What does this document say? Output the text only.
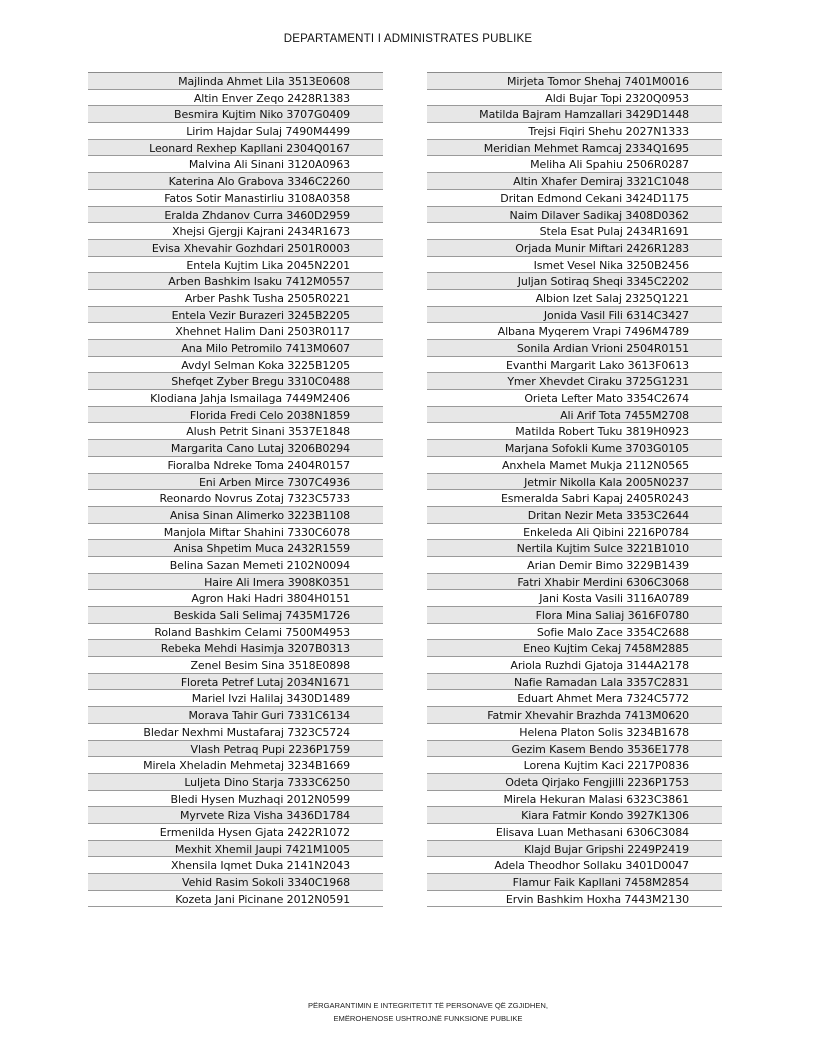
DEPARTAMENTI I ADMINISTRATES PUBLIKE
Majlinda Ahmet Lila 3513E0608
Altin Enver Zeqo 2428R1383
Besmira Kujtim Niko 3707G0409
Lirim Hajdar Sulaj 7490M4499
Leonard Rexhep Kapllani 2304Q0167
Malvina Ali Sinani 3120A0963
Katerina Alo Grabova 3346C2260
Fatos Sotir Manastirliu 3108A0358
Eralda Zhdanov Curra 3460D2959
Xhejsi Gjergji Kajrani 2434R1673
Evisa Xhevahir Gozhdari 2501R0003
Entela Kujtim Lika 2045N2201
Arben Bashkim Isaku 7412M0557
Arber Pashk Tusha 2505R0221
Entela Vezir Burazeri 3245B2205
Xhehnet Halim Dani 2503R0117
Ana Milo Petromilo 7413M0607
Avdyl Selman Koka 3225B1205
Shefqet Zyber Bregu 3310C0488
Klodiana Jahja Ismailaga 7449M2406
Florida Fredi Celo 2038N1859
Alush Petrit Sinani 3537E1848
Margarita Cano Lutaj 3206B0294
Fioralba Ndreke Toma 2404R0157
Eni Arben Mirce 7307C4936
Reonardo Novrus Zotaj 7323C5733
Anisa Sinan Alimerko 3223B1108
Manjola Miftar Shahini 7330C6078
Anisa Shpetim Muca 2432R1559
Belina Sazan Memeti 2102N0094
Haire Ali Imera 3908K0351
Agron Haki Hadri 3804H0151
Beskida Sali Selimaj 7435M1726
Roland Bashkim Celami 7500M4953
Rebeka Mehdi Hasimja 3207B0313
Zenel Besim Sina 3518E0898
Floreta Petref Lutaj 2034N1671
Mariel Ivzi Halilaj 3430D1489
Morava Tahir Guri 7331C6134
Bledar Nexhmi Mustafaraj 7323C5724
Vlash Petraq Pupi 2236P1759
Mirela Xheladin Mehmetaj 3234B1669
Luljeta Dino Starja 7333C6250
Bledi Hysen Muzhaqi 2012N0599
Myrvete Riza Visha 3436D1784
Ermenilda Hysen Gjata 2422R1072
Mexhit Xhemil Jaupi 7421M1005
Xhensila Iqmet Duka 2141N2043
Vehid Rasim Sokoli 3340C1968
Kozeta Jani Picinane 2012N0591
Mirjeta Tomor Shehaj 7401M0016
Aldi Bujar Topi 2320Q0953
Matilda Bajram Hamzallari 3429D1448
Trejsi Fiqiri Shehu 2027N1333
Meridian Mehmet Ramcaj 2334Q1695
Meliha Ali Spahiu 2506R0287
Altin Xhafer Demiraj 3321C1048
Dritan Edmond Cekani 3424D1175
Naim Dilaver Sadikaj 3408D0362
Stela Esat Pulaj 2434R1691
Orjada Munir Miftari 2426R1283
Ismet Vesel Nika 3250B2456
Juljan Sotiraq Sheqi 3345C2202
Albion Izet Salaj 2325Q1221
Jonida Vasil Fili 6314C3427
Albana Myqerem Vrapi 7496M4789
Sonila Ardian Vrioni 2504R0151
Evanthi Margarit Lako 3613F0613
Ymer Xhevdet Ciraku 3725G1231
Orieta Lefter Mato 3354C2674
Ali Arif Tota 7455M2708
Matilda Robert Tuku 3819H0923
Marjana Sofokli Kume 3703G0105
Anxhela Mamet Mukja 2112N0565
Jetmir Nikolla Kala 2005N0237
Esmeralda Sabri Kapaj 2405R0243
Dritan Nezir Meta 3353C2644
Enkeleda Ali Qibini 2216P0784
Nertila Kujtim Sulce 3221B1010
Arian Demir Bimo 3229B1439
Fatri Xhabir Merdini 6306C3068
Jani Kosta Vasili 3116A0789
Flora Mina Saliaj 3616F0780
Sofie Malo Zace 3354C2688
Eneo Kujtim Cekaj 7458M2885
Ariola Ruzhdi Gjatoja 3144A2178
Nafie Ramadan Lala 3357C2831
Eduart Ahmet Mera 7324C5772
Fatmir Xhevahir Brazhda 7413M0620
Helena Platon Solis 3234B1678
Gezim Kasem Bendo 3536E1778
Lorena Kujtim Kaci 2217P0836
Odeta Qirjako Fengjilli 2236P1753
Mirela Hekuran Malasi 6323C3861
Kiara Fatmir Kondo 3927K1306
Elisava Luan Methasani 6306C3084
Klajd Bujar Gripshi 2249P2419
Adela Theodhor Sollaku 3401D0047
Flamur Faik Kapllani 7458M2854
Ervin Bashkim Hoxha 7443M2130
PËRGARANTIMIN E INTEGRITETIT TË PERSONAVE QË ZGJIDHEN,
EMËROHENOSE USHTROJNË FUNKSIONE PUBLIKE
